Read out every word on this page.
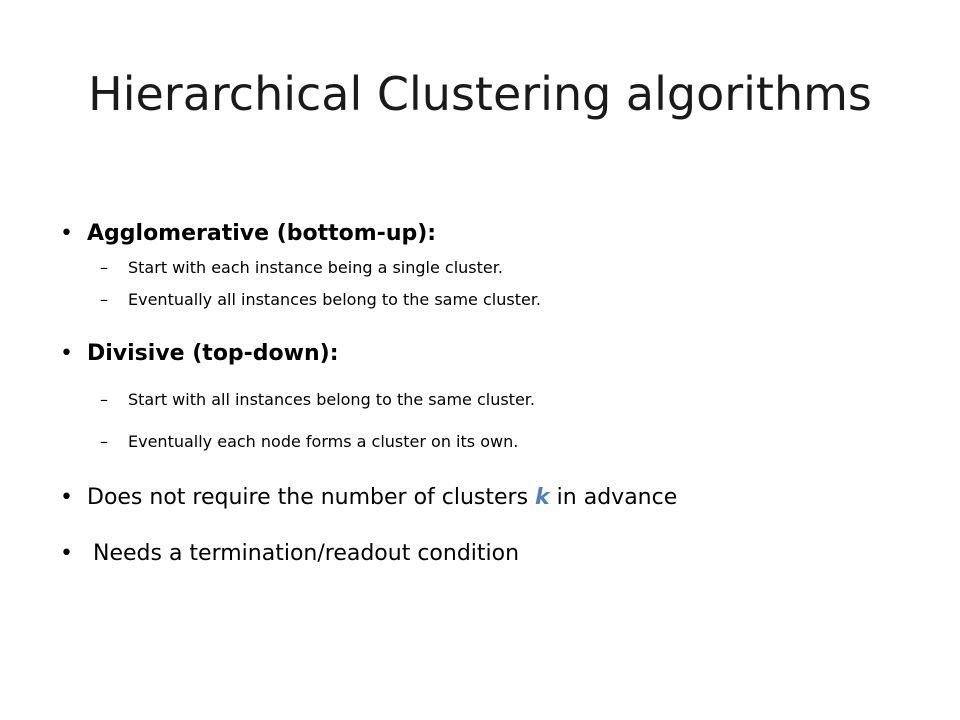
Hierarchical Clustering algorithms
• Agglomerative (bottom-up):
– Start with each instance being a single cluster.
– Eventually all instances belong to the same cluster.
• Divisive (top-down):
– Start with all instances belong to the same cluster.
– Eventually each node forms a cluster on its own.
• Does not require the number of clusters k in advance
• Needs a termination/readout condition
